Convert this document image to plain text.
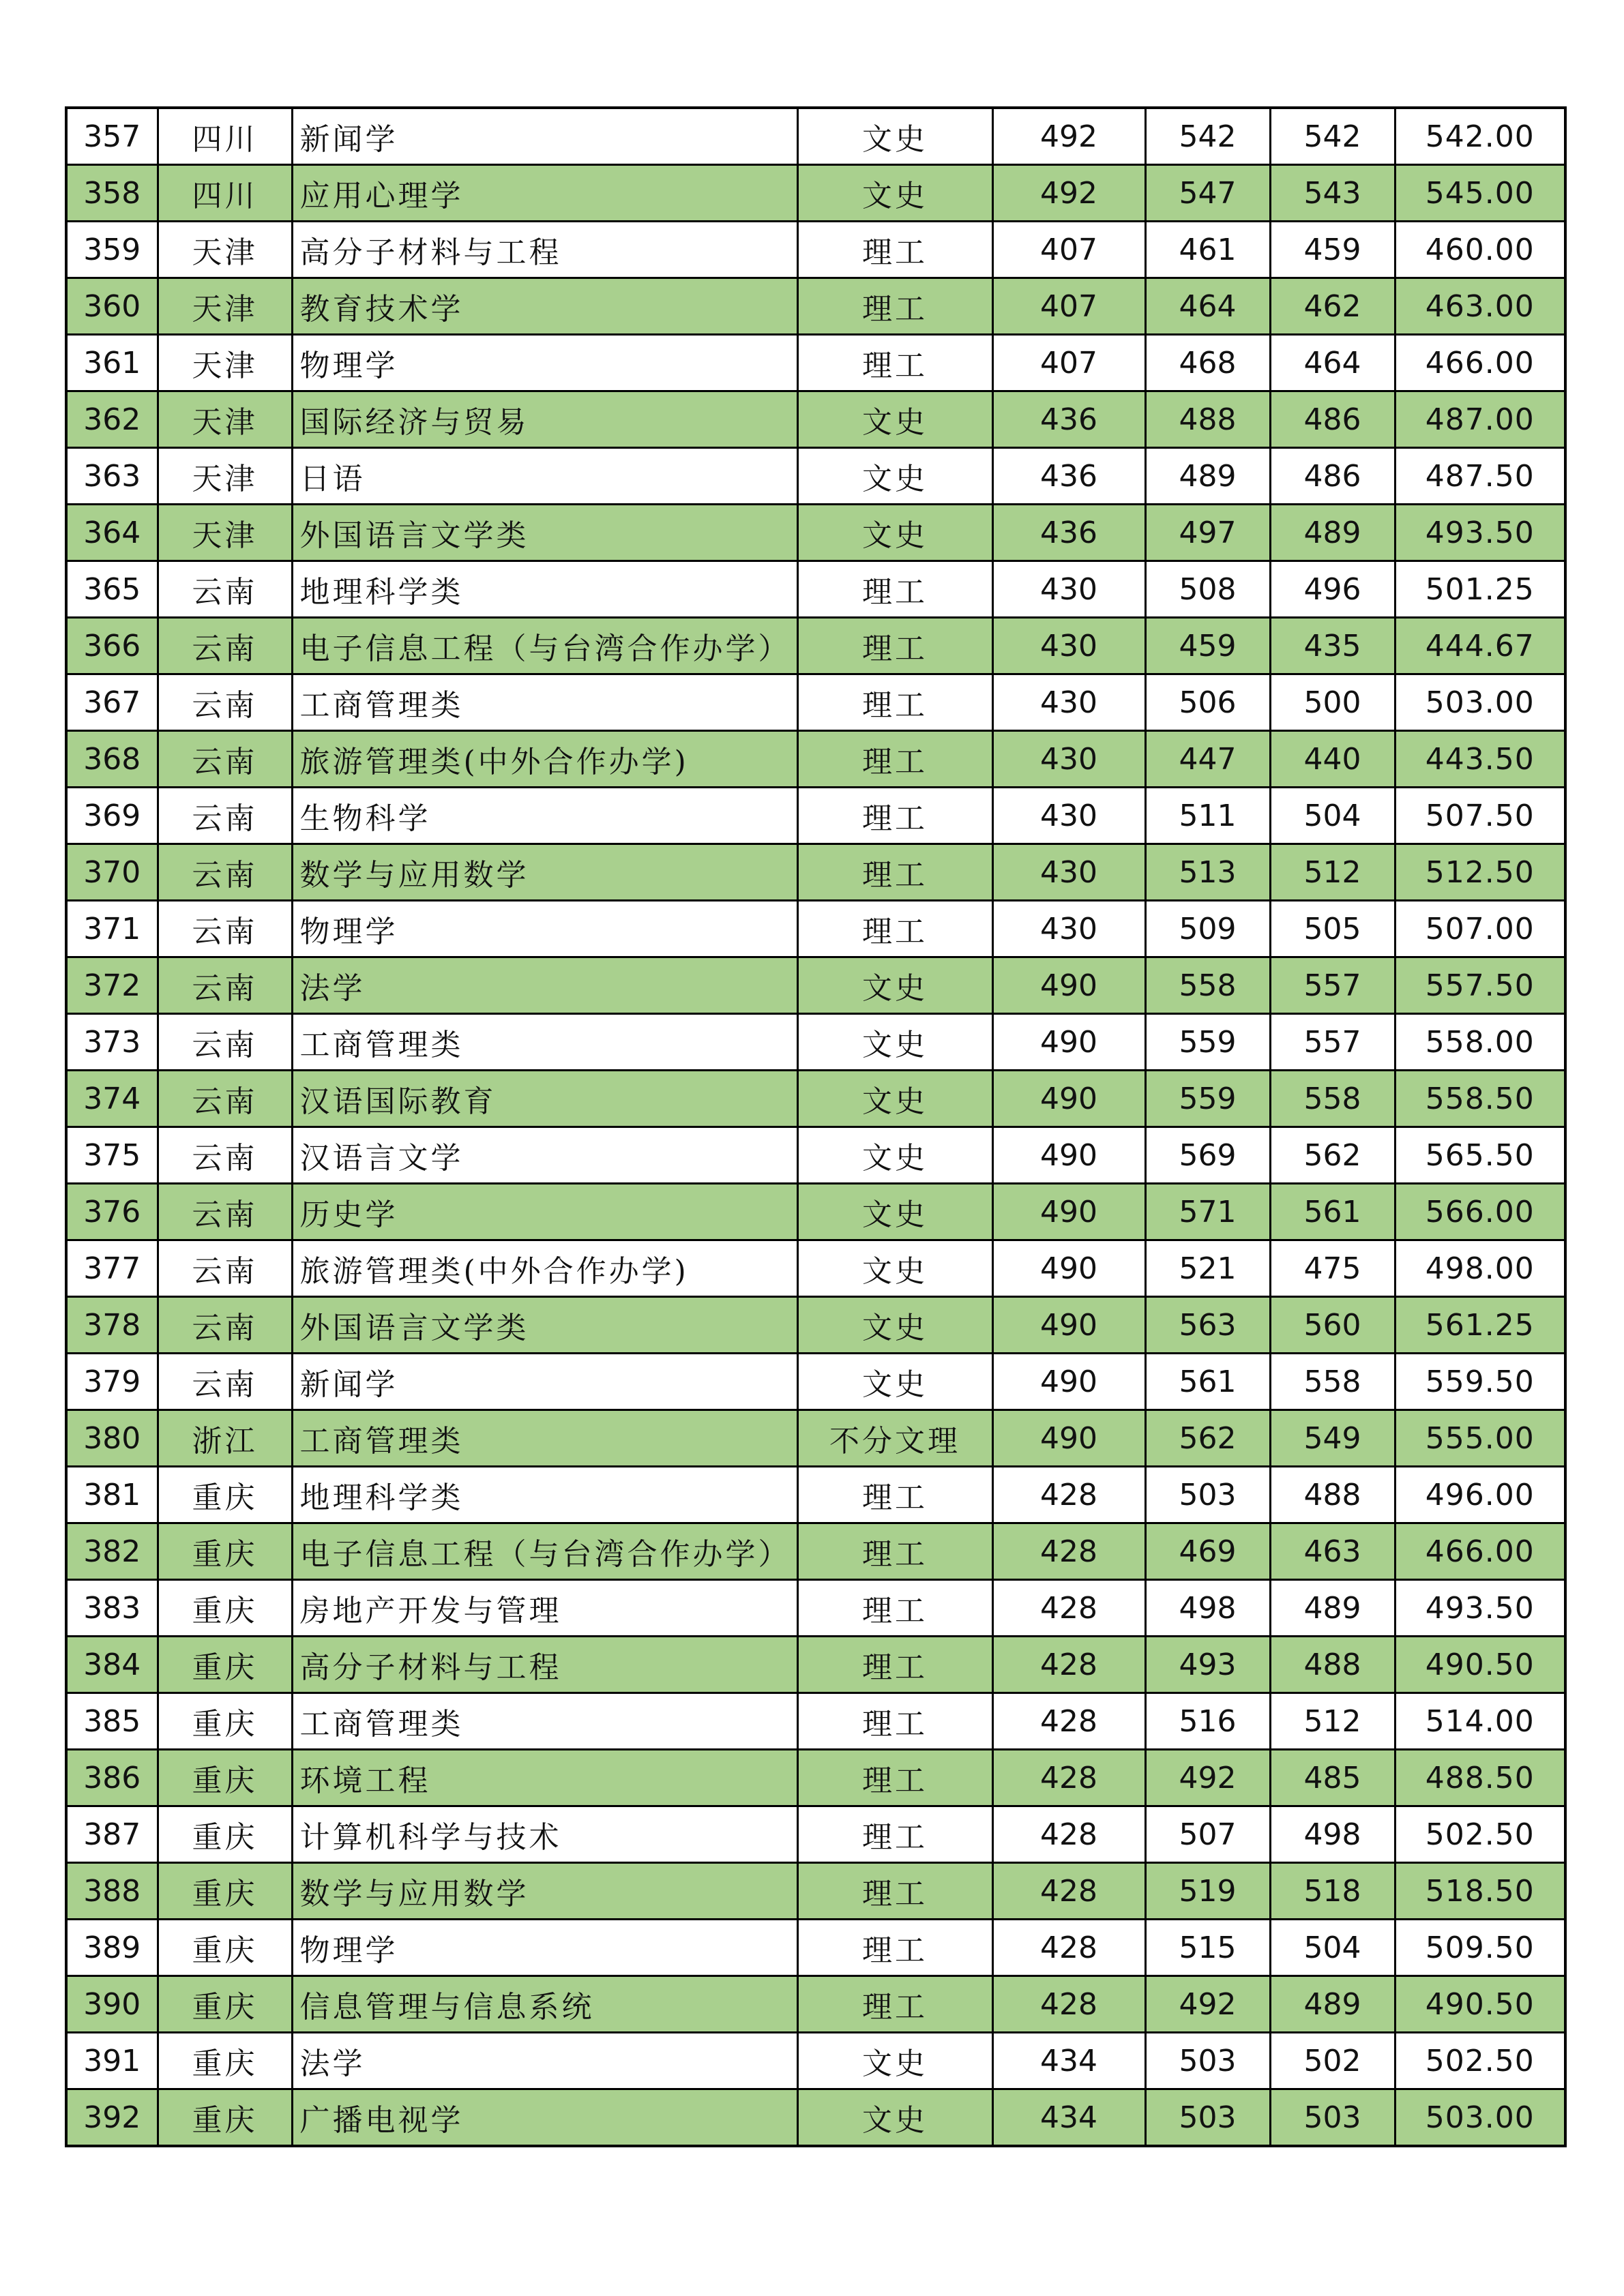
357	四川	新闻学	文史	492	542	542	542.00
358	四川	应用心理学	文史	492	547	543	545.00
359	天津	高分子材料与工程	理工	407	461	459	460.00
360	天津	教育技术学	理工	407	464	462	463.00
361	天津	物理学	理工	407	468	464	466.00
362	天津	国际经济与贸易	文史	436	488	486	487.00
363	天津	日语	文史	436	489	486	487.50
364	天津	外国语言文学类	文史	436	497	489	493.50
365	云南	地理科学类	理工	430	508	496	501.25
366	云南	电子信息工程（与台湾合作办学）	理工	430	459	435	444.67
367	云南	工商管理类	理工	430	506	500	503.00
368	云南	旅游管理类(中外合作办学)	理工	430	447	440	443.50
369	云南	生物科学	理工	430	511	504	507.50
370	云南	数学与应用数学	理工	430	513	512	512.50
371	云南	物理学	理工	430	509	505	507.00
372	云南	法学	文史	490	558	557	557.50
373	云南	工商管理类	文史	490	559	557	558.00
374	云南	汉语国际教育	文史	490	559	558	558.50
375	云南	汉语言文学	文史	490	569	562	565.50
376	云南	历史学	文史	490	571	561	566.00
377	云南	旅游管理类(中外合作办学)	文史	490	521	475	498.00
378	云南	外国语言文学类	文史	490	563	560	561.25
379	云南	新闻学	文史	490	561	558	559.50
380	浙江	工商管理类	不分文理	490	562	549	555.00
381	重庆	地理科学类	理工	428	503	488	496.00
382	重庆	电子信息工程（与台湾合作办学）	理工	428	469	463	466.00
383	重庆	房地产开发与管理	理工	428	498	489	493.50
384	重庆	高分子材料与工程	理工	428	493	488	490.50
385	重庆	工商管理类	理工	428	516	512	514.00
386	重庆	环境工程	理工	428	492	485	488.50
387	重庆	计算机科学与技术	理工	428	507	498	502.50
388	重庆	数学与应用数学	理工	428	519	518	518.50
389	重庆	物理学	理工	428	515	504	509.50
390	重庆	信息管理与信息系统	理工	428	492	489	490.50
391	重庆	法学	文史	434	503	502	502.50
392	重庆	广播电视学	文史	434	503	503	503.00
